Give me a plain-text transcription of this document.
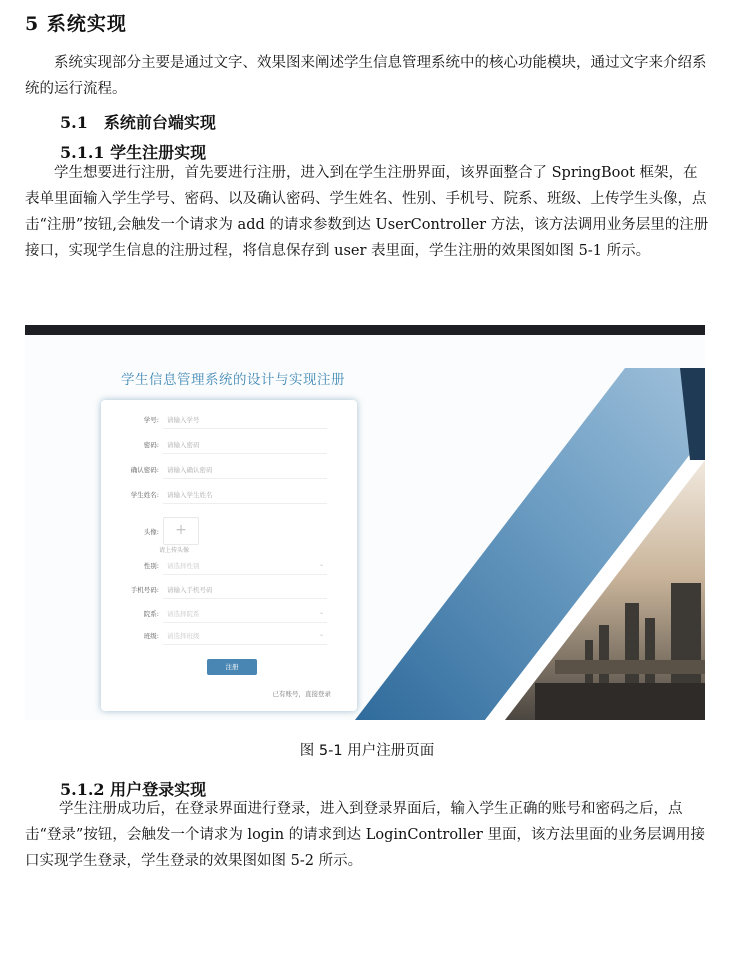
5 系统实现

系统实现部分主要是通过文字、效果图来阐述学生信息管理系统中的核心功能模块，通过文字来介绍系统的运行流程。

5.1　系统前台端实现
5.1.1 学生注册实现

学生想要进行注册，首先要进行注册，进入到在学生注册界面，该界面整合了 SpringBoot 框架，在表单里面输入学生学号、密码、以及确认密码、学生姓名、性别、手机号、院系、班级、上传学生头像，点击“注册”按钮,会触发一个请求为 add 的请求参数到达 UserController 方法，该方法调用业务层里的注册接口，实现学生信息的注册过程，将信息保存到 user 表里面，学生注册的效果图如图 5-1 所示。

学生信息管理系统的设计与实现注册
学号: 请输入学号
密码: 请输入密码
确认密码: 请输入确认密码
学生姓名: 请输入学生姓名
头像:	+
请上传头像
性别: 请选择性别	⌄
手机号码: 请输入手机号码
院系: 请选择院系	⌄
班级: 请选择班级	⌄
注册
已有账号，直接登录
图 5-1 用户注册页面
5.1.2 用户登录实现

学生注册成功后，在登录界面进行登录，进入到登录界面后，输入学生正确的账号和密码之后，点击“登录”按钮，会触发一个请求为 login 的请求到达 LoginController 里面，该方法里面的业务层调用接口实现学生登录，学生登录的效果图如图 5-2 所示。
